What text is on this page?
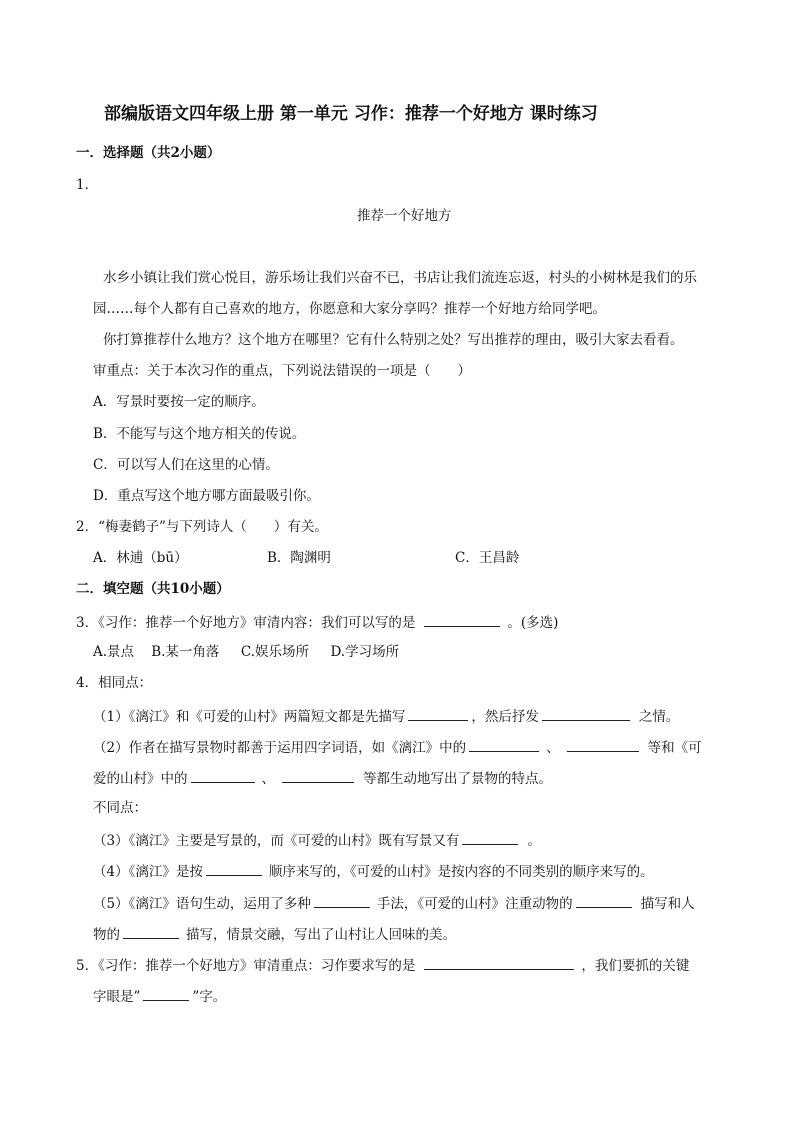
部编版语文四年级上册 第一单元 习作：推荐一个好地方 课时练习
一．选择题（共2小题）
1．
推荐一个好地方
水乡小镇让我们赏心悦目，游乐场让我们兴奋不已，书店让我们流连忘返，村头的小树林是我们的乐
园……每个人都有自己喜欢的地方，你愿意和大家分享吗？推荐一个好地方给同学吧。
你打算推荐什么地方？这个地方在哪里？它有什么特别之处？写出推荐的理由，吸引大家去看看。
审重点：关于本次习作的重点，下列说法错误的一项是（　　）
A．写景时要按一定的顺序。
B．不能写与这个地方相关的传说。
C．可以写人们在这里的心情。
D．重点写这个地方哪方面最吸引你。
2．“梅妻鹤子”与下列诗人（　　）有关。
A．林逋（bū）	B．陶渊明	C．王昌龄
二．填空题（共10小题）
3．《习作：推荐一个好地方》审清内容：我们可以写的是	。(多选)
A.景点    B.某一角落     C.娱乐场所     D.学习场所
4．相同点：
（1）《漓江》和《可爱的山村》两篇短文都是先描写	，然后抒发	之情。
（2）作者在描写景物时都善于运用四字词语，如《漓江》中的	、	等和《可
爱的山村》中的	、	等都生动地写出了景物的特点。
不同点：
（3）《漓江》主要是写景的，而《可爱的山村》既有写景又有	。
（4）《漓江》是按	顺序来写的，《可爱的山村》是按内容的不同类别的顺序来写的。
（5）《漓江》语句生动，运用了多种	手法，《可爱的山村》注重动物的	描写和人
物的	描写，情景交融，写出了山村让人回味的美。
5．《习作：推荐一个好地方》审清重点：习作要求写的是	，我们要抓的关键
字眼是”	”字。
